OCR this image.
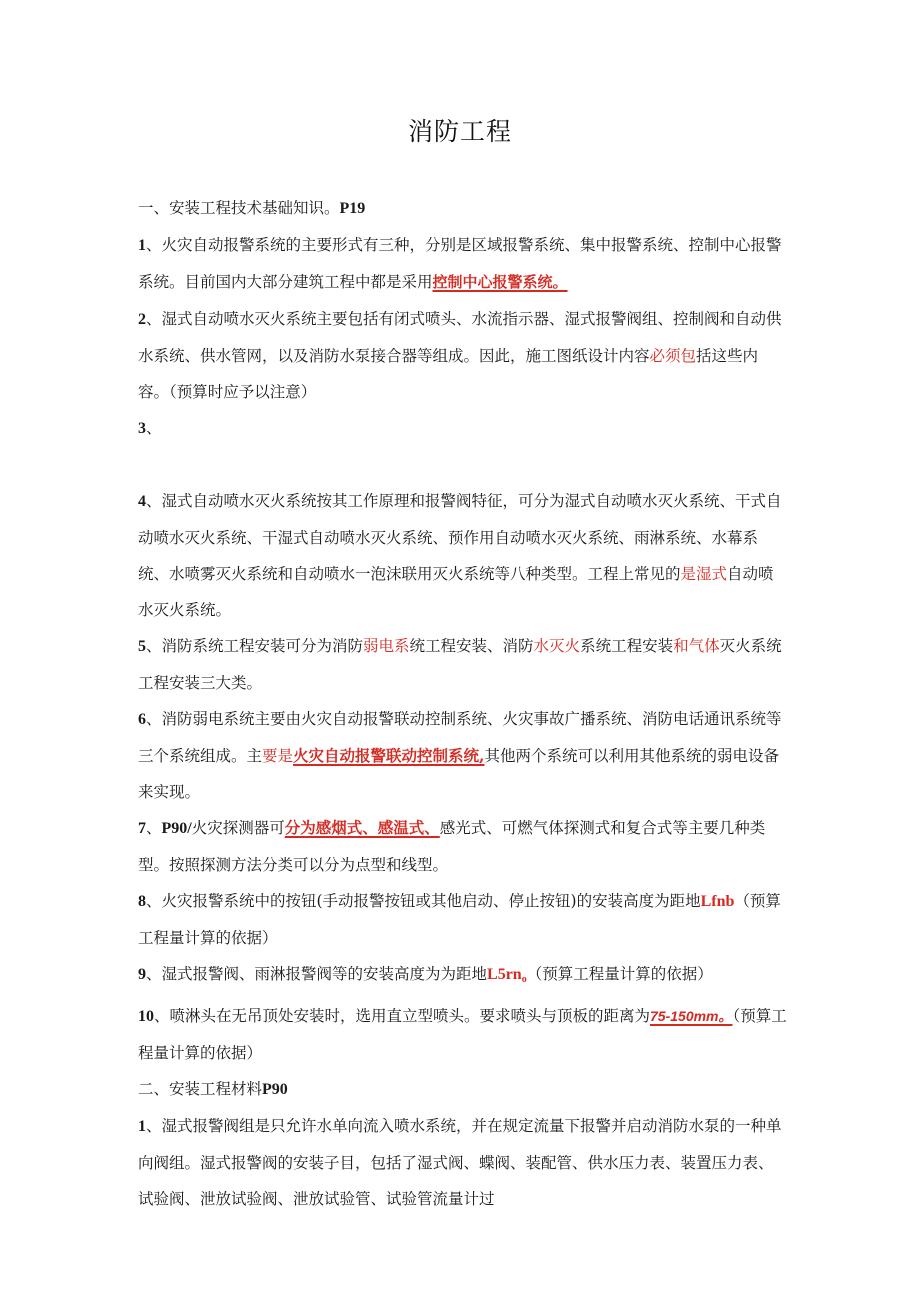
消防工程

一、安装工程技术基础知识。P19

1、火灾自动报警系统的主要形式有三种，分别是区域报警系统、集中报警系统、控制中心报警系统。目前国内大部分建筑工程中都是采用控制中心报警系统。

2、湿式自动喷水灭火系统主要包括有闭式喷头、水流指示器、湿式报警阀组、控制阀和自动供水系统、供水管网，以及消防水泵接合器等组成。因此，施工图纸设计内容必须包括这些内容。（预算时应予以注意）

3、

4、湿式自动喷水灭火系统按其工作原理和报警阀特征，可分为湿式自动喷水灭火系统、干式自动喷水灭火系统、干湿式自动喷水灭火系统、预作用自动喷水灭火系统、雨淋系统、水幕系统、水喷雾灭火系统和自动喷水一泡沫联用灭火系统等八种类型。工程上常见的是湿式自动喷水灭火系统。

5、消防系统工程安装可分为消防弱电系统工程安装、消防水灭火系统工程安装和气体灭火系统工程安装三大类。

6、消防弱电系统主要由火灾自动报警联动控制系统、火灾事故广播系统、消防电话通讯系统等三个系统组成。主要是火灾自动报警联动控制系统,其他两个系统可以利用其他系统的弱电设备来实现。

7、P90/火灾探测器可分为感烟式、感温式、感光式、可燃气体探测式和复合式等主要几种类型。按照探测方法分类可以分为点型和线型。

8、火灾报警系统中的按钮(手动报警按钮或其他启动、停止按钮)的安装高度为距地Lfnb（预算工程量计算的依据）

9、湿式报警阀、雨淋报警阀等的安装高度为为距地$L5rn_o$（预算工程量计算的依据）

10、喷淋头在无吊顶处安装时，选用直立型喷头。要求喷头与顶板的距离为75-150mm。（预算工程量计算的依据）

二、安装工程材料P90

1、湿式报警阀组是只允许水单向流入喷水系统，并在规定流量下报警并启动消防水泵的一种单向阀组。湿式报警阀的安装子目，包括了湿式阀、蝶阀、装配管、供水压力表、装置压力表、试验阀、泄放试验阀、泄放试验管、试验管流量计过
